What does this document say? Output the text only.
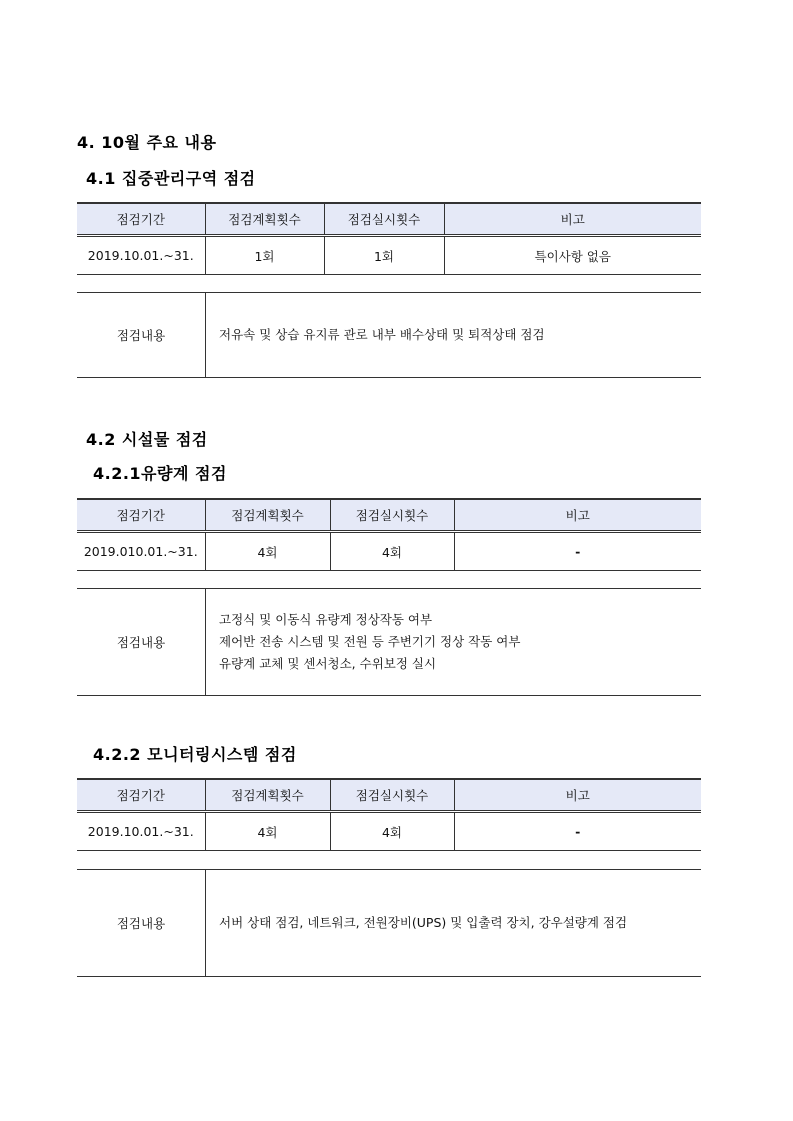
4. 10월 주요 내용
4.1 집중관리구역 점검
점검기간	점검계획횟수	점검실시횟수	비고
2019.10.01.~31.	1회	1회	특이사항 없음
점검내용	저유속 및 상습 유지류 관로 내부 배수상태 및 퇴적상태 점검
4.2 시설물 점검
4.2.1유량계 점검
점검기간	점검계획횟수	점검실시횟수	비고
2019.010.01.~31.	4회	4회	-
점검내용	
고정식 및 이동식 유량계 정상작동 여부
제어반 전송 시스템 및 전원 등 주변기기 정상 작동 여부
유량계 교체 및 센서청소, 수위보정 실시
4.2.2 모니터링시스템 점검
점검기간	점검계획횟수	점검실시횟수	비고
2019.10.01.~31.	4회	4회	-
점검내용	서버 상태 점검, 네트워크, 전원장비(UPS) 및 입출력 장치, 강우설량계 점검
